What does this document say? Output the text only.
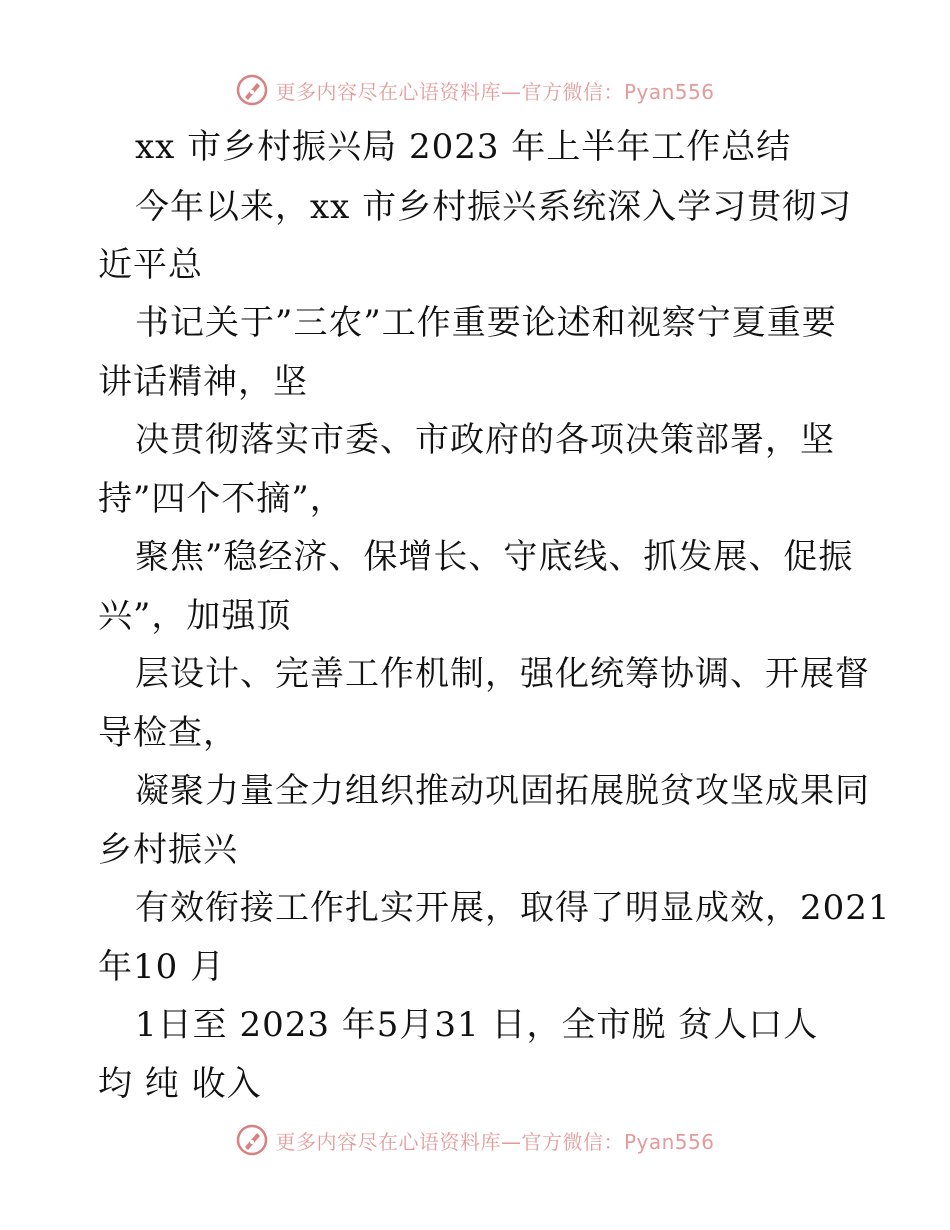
更多内容尽在心语资料库—官方微信：Pyan556
xx 市乡村振兴局 2023 年上半年工作总结
今年以来，xx 市乡村振兴系统深入学习贯彻习
近平总
书记关于”三农”工作重要论述和视察宁夏重要
讲话精神，坚
决贯彻落实市委、市政府的各项决策部署，坚
持”四个不摘”，
聚焦”稳经济、保增长、守底线、抓发展、促振
兴”，加强顶
层设计、完善工作机制，强化统筹协调、开展督
导检查，
凝聚力量全力组织推动巩固拓展脱贫攻坚成果同
乡村振兴
有效衔接工作扎实开展，取得了明显成效，2021
年10 月
1日至 2023 年5月31 日，全市脱 贫人口人
均 纯 收入
更多内容尽在心语资料库—官方微信：Pyan556
